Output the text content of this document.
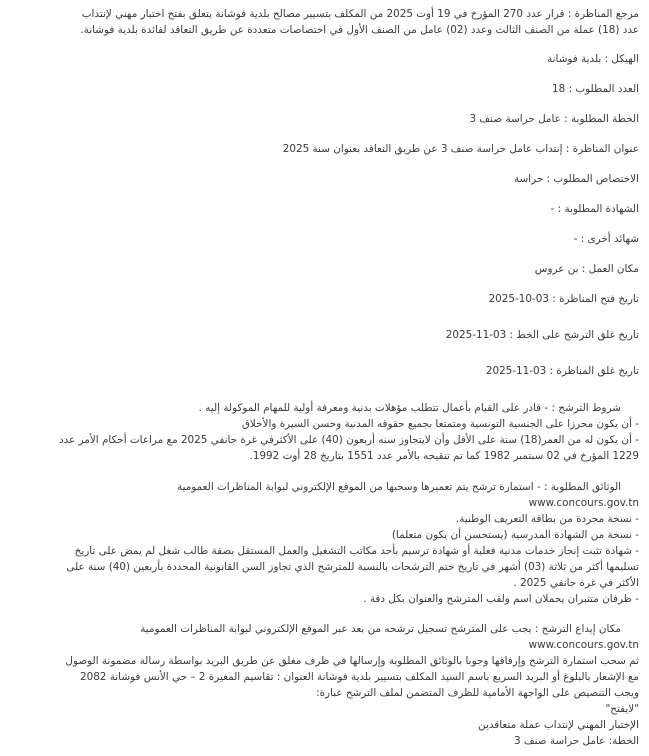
مرجع المناظرة : قرار عدد 270 المؤرخ في 19 أوت 2025 من المكلف بتسيير مصالح بلدية فوشانة يتعلق بفتح اختبار مهني لإنتداب
عدد (18) عملة من الصنف الثالث وعدد (02) عامل من الصنف الأول في اختصاصات متعددة عن طريق التعاقد لفائدة بلدية فوشانة.
الهيكل : بلدية فوشانة
العدد المطلوب : 18
الخطة المطلوبة : عامل حراسة صنف 3
عنوان المناظرة : إنتداب عامل حراسة صنف 3 عن طريق التعاقد بعنوان سنة 2025
الاختصاص المطلوب : حراسة
الشهادة المطلوبة : -
شهائد أخرى : -
مكان العمل : بن عروس
تاريخ فتح المناظرة : 03-10-2025
تاريخ غلق الترشح على الخط : 03-11-2025
تاريخ غلق المناظرة : 03-11-2025
شروط الترشح : - قادر على القيام بأعمال تتطلب مؤهلات بدنية ومعرفة أولية للمهام الموكولة إليه .
- أن يكون محرزا على الجنسية التونسية ومتمتعا بجميع حقوقه المدنية وحسن السيرة والأخلاق
- أن يكون له من العمر(18) سنة على الأقل وأن لايتجاوز سنه أربعون (40) على الأكثرفي غرة جانفي 2025 مع مراعات أحكام الأمر عدد
1229 المؤرخ في 02 سبتمبر 1982 كما تم تنقيحه بالأمر عدد 1551 بتاريخ 28 أوت 1992.
الوثائق المطلوبة : - استمارة ترشح يتم تعميرها وسحبها من الموقع الإلكتروني لبوابة المناظرات العمومية
www.concours.gov.tn
- نسخة مجردة من بطاقة التعريف الوطنية.
- نسخة من الشهادة المدرسية (يستحسن أن يكون متعلما)
- شهادة تثبت إنجاز خدمات مدنية فعلية أو شهادة ترسيم بأحد مكاتب التشغيل والعمل المستقل بصفة طالب شغل لم يمض على تاريخ
تسليمها أكثر من ثلاثة (03) أشهر في تاريخ ختم الترشحات بالنسبة للمترشح الذي تجاوز السن القانونية المحددة بأربعين (40) سنة على
الأكثر في غرة جانفي 2025 .
- ظرفان متنبران يحملان اسم ولقب المترشح والعنوان بكل دقة .
مكان إيداع الترشح : يجب على المترشح تسجيل ترشحه من بعد عبر الموقع الإلكتروني لبوابة المناظرات العمومية
www.concours.gov.tn
ثم سحب استمارة الترشح وإرفاقها وجوبا بالوثائق المطلوبة وإرسالها في ظرف مغلق عن طريق البريد بواسطة رسالة مضمونة الوصول
مع الإشعار بالبلوغ أو البريد السريع باسم السيد المكلف بتسيير بلدية فوشانة العنوان : تقاسيم المغيرة 2 – حي الأنس فوشانة 2082
ويجب التنصيص على الواجهة الأمامية للظرف المتضمن لملف الترشح عبارة:
"لايفتح"
الإختبار المهني لإنتداب عملة متعاقدين
الخطة: عامل حراسة صنف 3
